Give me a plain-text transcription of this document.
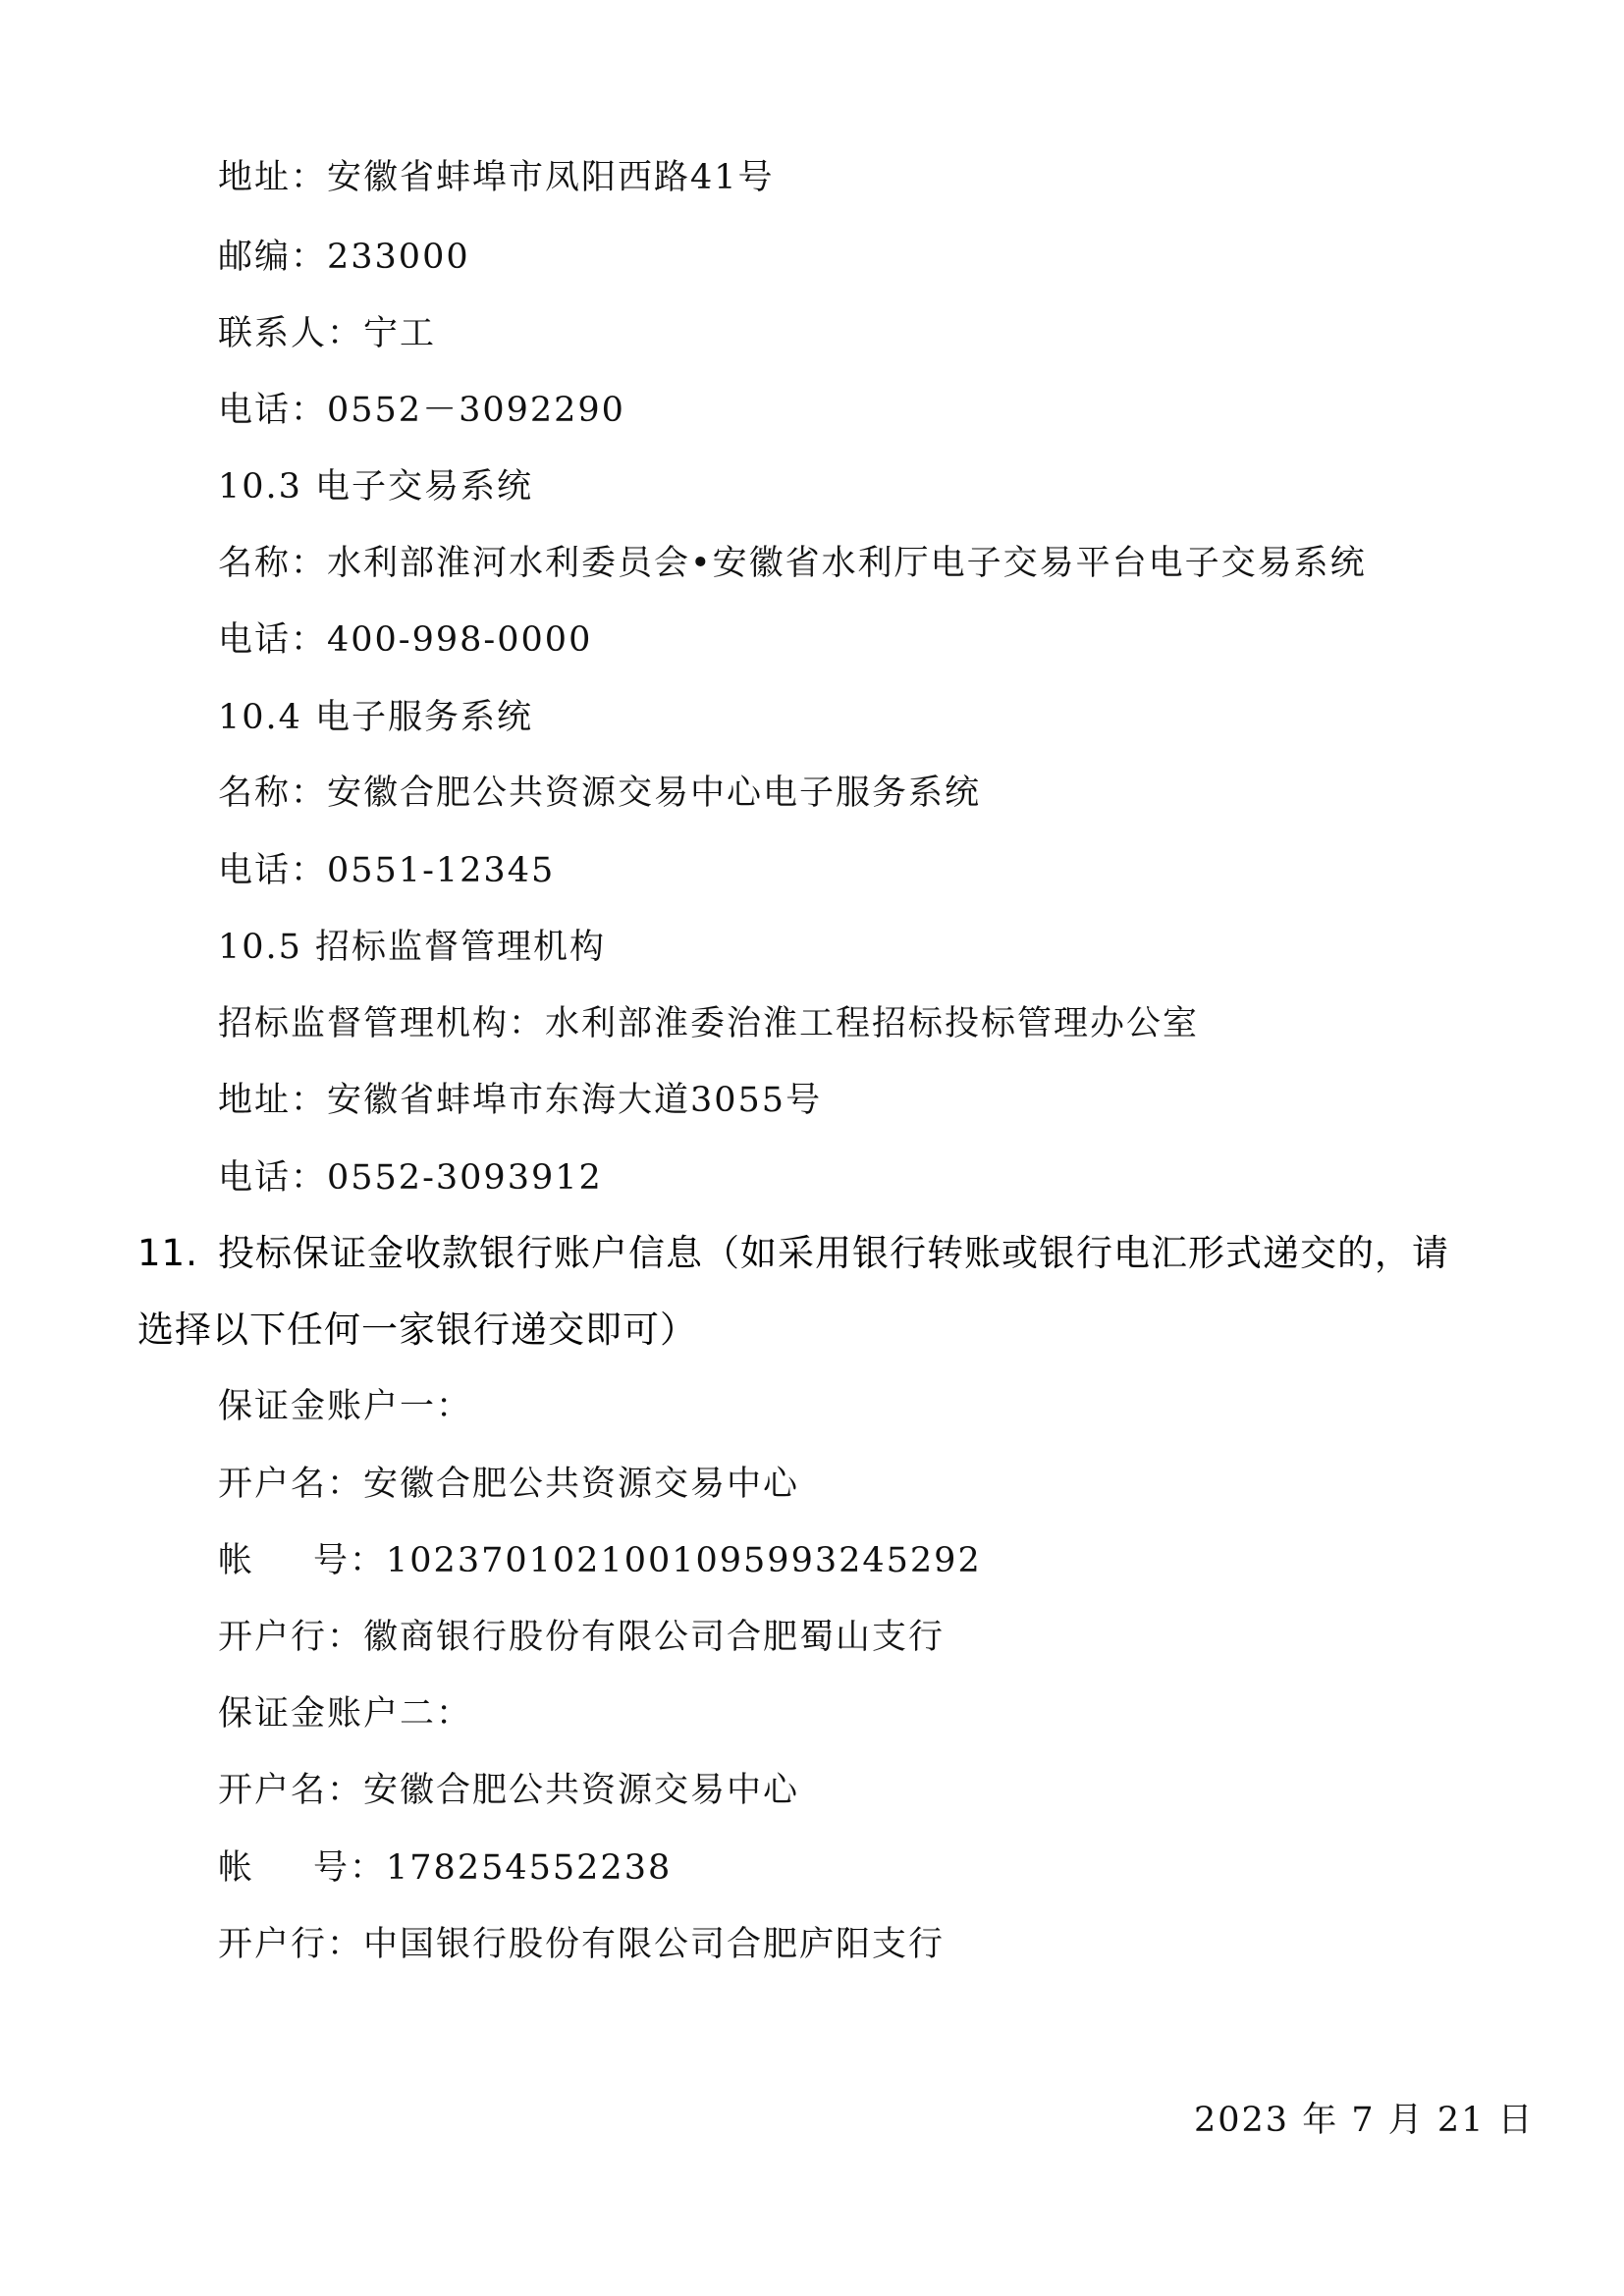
地址：安徽省蚌埠市凤阳西路41号
邮编：233000
联系人：宁工
电话：0552－3092290
10.3 电子交易系统
名称：水利部淮河水利委员会•安徽省水利厅电子交易平台电子交易系统
电话：400-998-0000
10.4 电子服务系统
名称：安徽合肥公共资源交易中心电子服务系统
电话：0551-12345
10.5 招标监督管理机构
招标监督管理机构：水利部淮委治淮工程招标投标管理办公室
地址：安徽省蚌埠市东海大道3055号
电话：0552-3093912
11. 投标保证金收款银行账户信息（如采用银行转账或银行电汇形式递交的，请
选择以下任何一家银行递交即可）
保证金账户一：
开户名：安徽合肥公共资源交易中心
帐 号：1023701021001095993245292
开户行：徽商银行股份有限公司合肥蜀山支行
保证金账户二：
开户名：安徽合肥公共资源交易中心
帐 号：178254552238
开户行：中国银行股份有限公司合肥庐阳支行
2023 年 7 月 21 日
